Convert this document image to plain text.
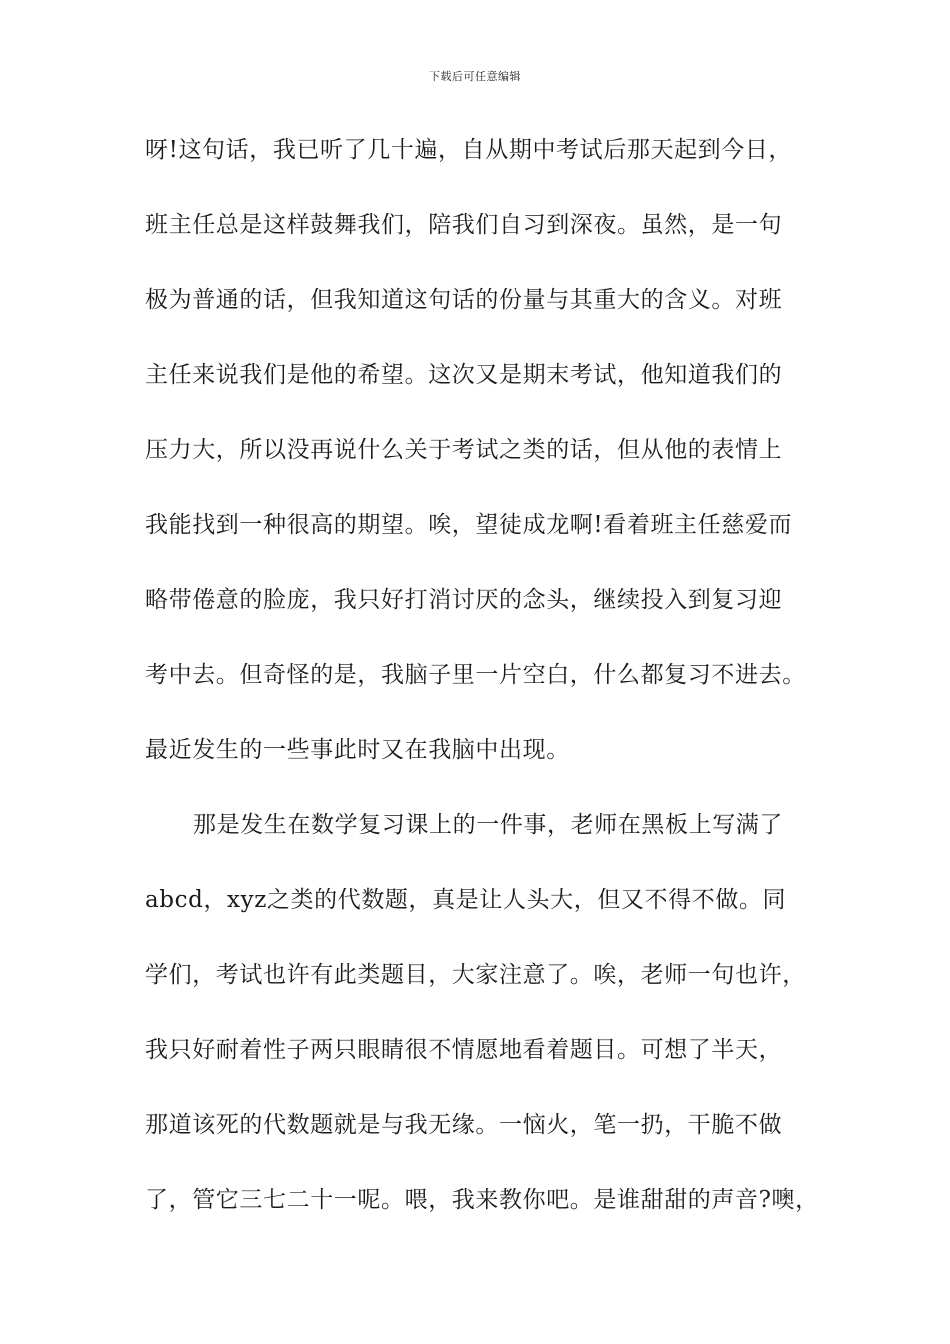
下载后可任意编辑
呀!这句话，我已听了几十遍，自从期中考试后那天起到今日，
班主任总是这样鼓舞我们，陪我们自习到深夜。虽然，是一句
极为普通的话，但我知道这句话的份量与其重大的含义。对班
主任来说我们是他的希望。这次又是期末考试，他知道我们的
压力大，所以没再说什么关于考试之类的话，但从他的表情上
我能找到一种很高的期望。唉，望徒成龙啊!看着班主任慈爱而
略带倦意的脸庞，我只好打消讨厌的念头，继续投入到复习迎
考中去。但奇怪的是，我脑子里一片空白，什么都复习不进去。
最近发生的一些事此时又在我脑中出现。
那是发生在数学复习课上的一件事，老师在黑板上写满了
abcd，xyz之类的代数题，真是让人头大，但又不得不做。同
学们，考试也许有此类题目，大家注意了。唉，老师一句也许，
我只好耐着性子两只眼睛很不情愿地看着题目。可想了半天，
那道该死的代数题就是与我无缘。一恼火，笔一扔，干脆不做
了，管它三七二十一呢。喂，我来教你吧。是谁甜甜的声音?噢，
